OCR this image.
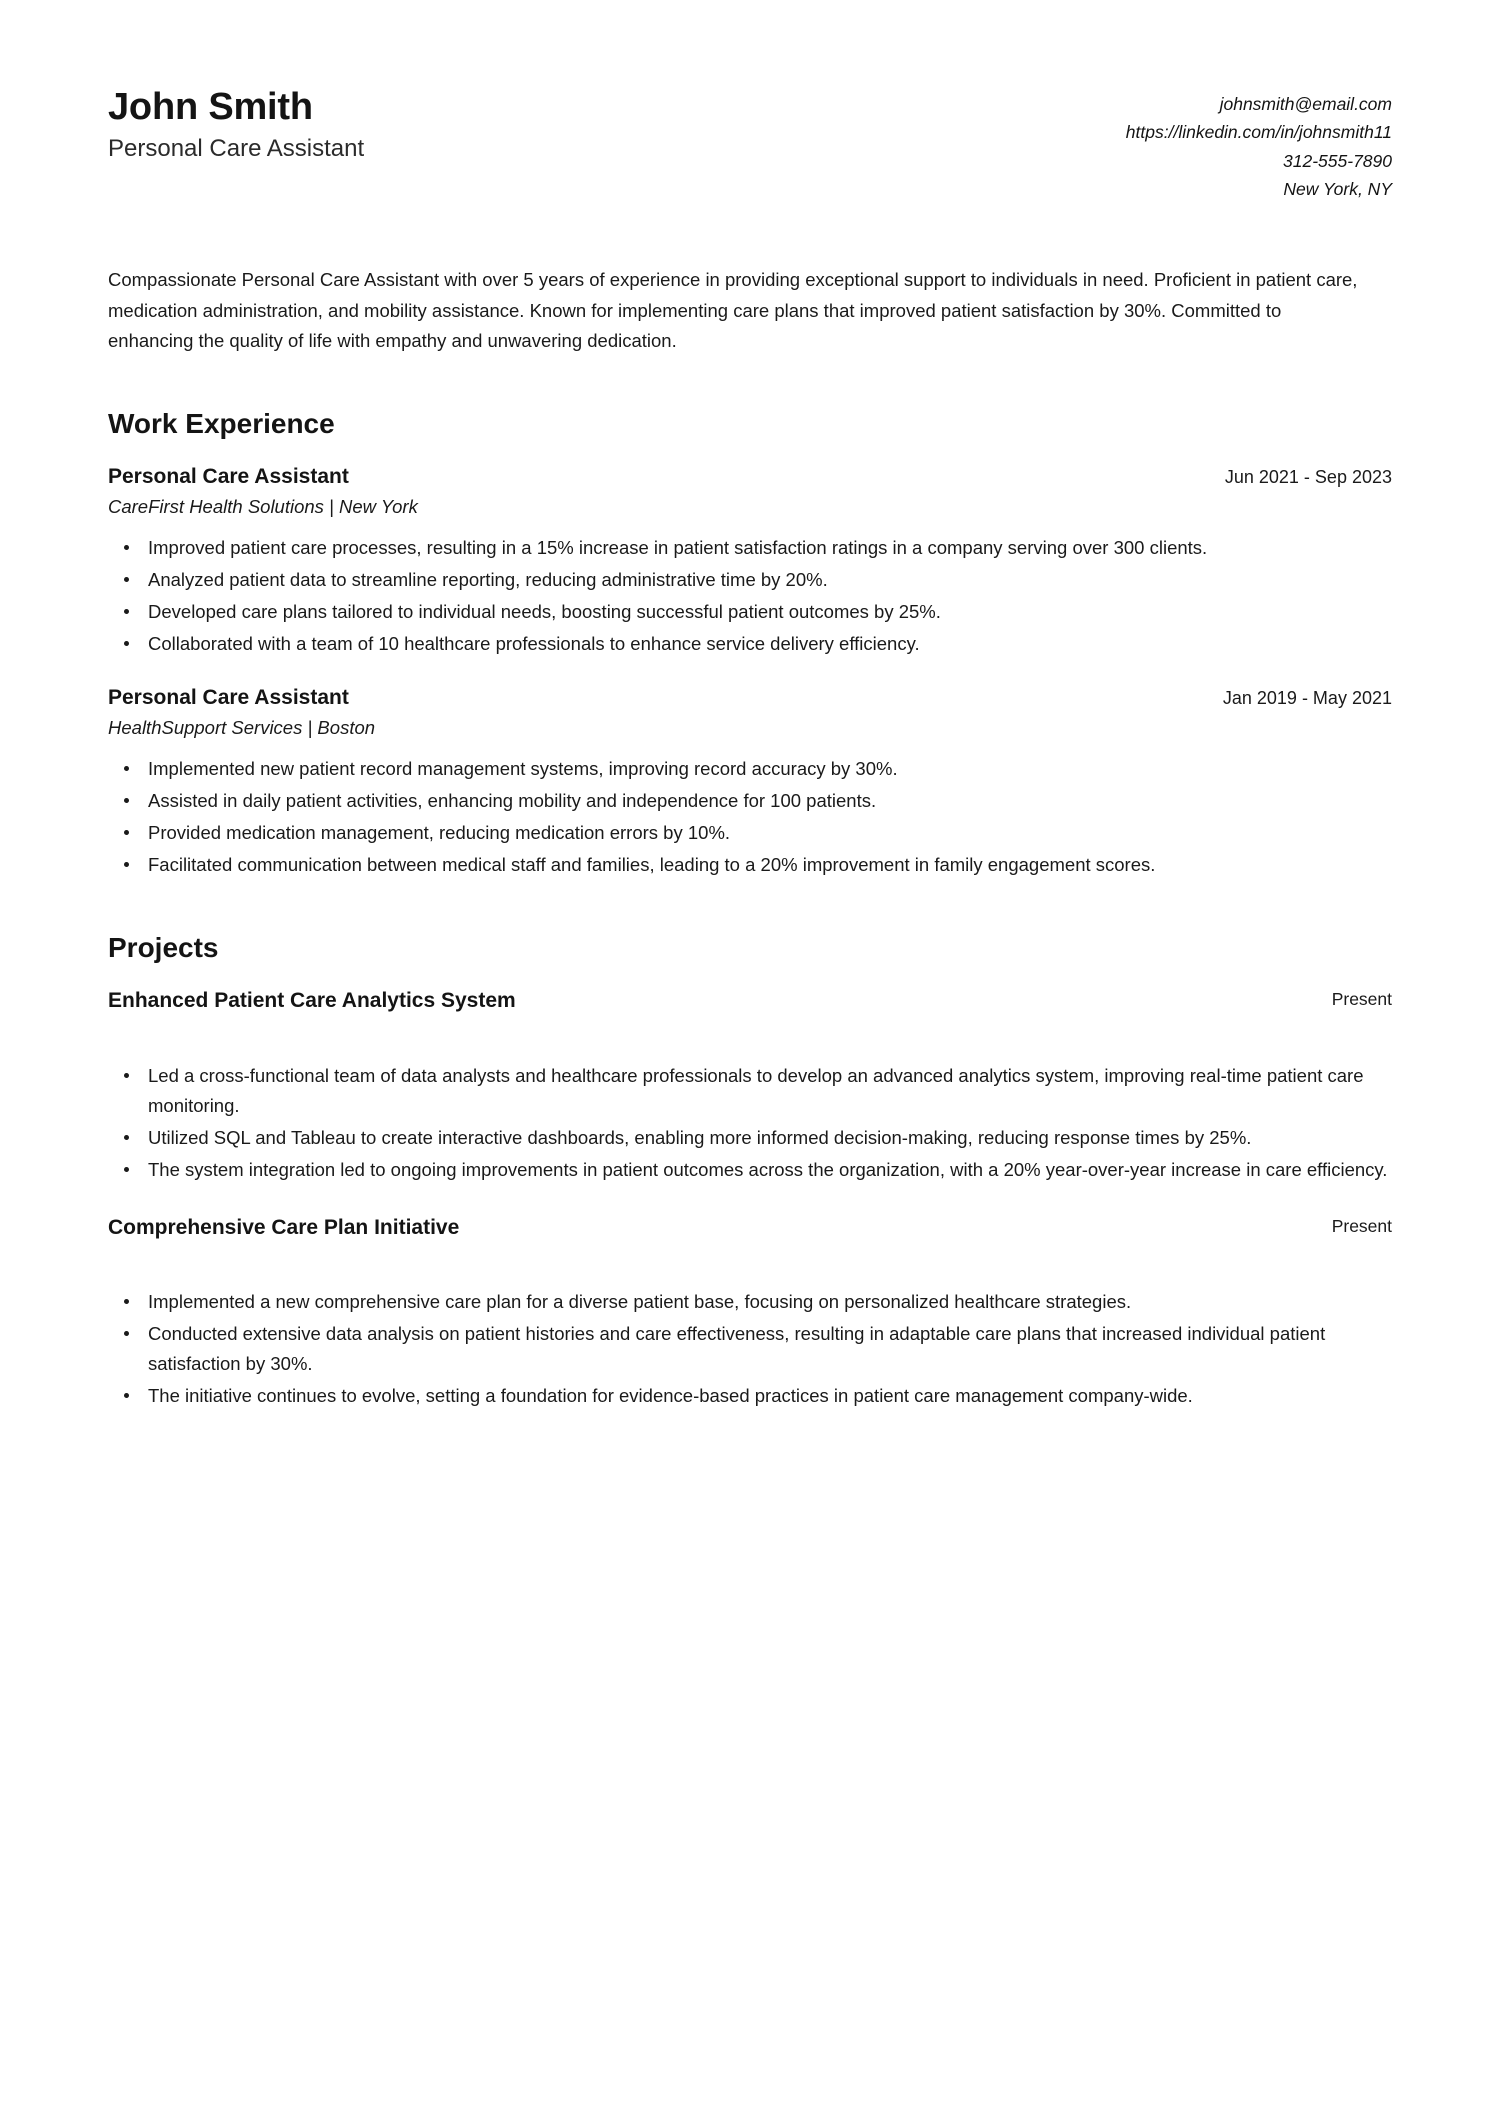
John Smith
Personal Care Assistant
johnsmith@email.com
https://linkedin.com/in/johnsmith11
312-555-7890
New York, NY
Compassionate Personal Care Assistant with over 5 years of experience in providing exceptional support to individuals in need. Proficient in patient care, medication administration, and mobility assistance. Known for implementing care plans that improved patient satisfaction by 30%. Committed to enhancing the quality of life with empathy and unwavering dedication.
Work Experience
Personal Care Assistant	Jun 2021 - Sep 2023
CareFirst Health Solutions | New York
Improved patient care processes, resulting in a 15% increase in patient satisfaction ratings in a company serving over 300 clients.
Analyzed patient data to streamline reporting, reducing administrative time by 20%.
Developed care plans tailored to individual needs, boosting successful patient outcomes by 25%.
Collaborated with a team of 10 healthcare professionals to enhance service delivery efficiency.
Personal Care Assistant	Jan 2019 - May 2021
HealthSupport Services | Boston
Implemented new patient record management systems, improving record accuracy by 30%.
Assisted in daily patient activities, enhancing mobility and independence for 100 patients.
Provided medication management, reducing medication errors by 10%.
Facilitated communication between medical staff and families, leading to a 20% improvement in family engagement scores.
Projects
Enhanced Patient Care Analytics System	Present
Led a cross-functional team of data analysts and healthcare professionals to develop an advanced analytics system, improving real-time patient care monitoring.
Utilized SQL and Tableau to create interactive dashboards, enabling more informed decision-making, reducing response times by 25%.
The system integration led to ongoing improvements in patient outcomes across the organization, with a 20% year-over-year increase in care efficiency.
Comprehensive Care Plan Initiative	Present
Implemented a new comprehensive care plan for a diverse patient base, focusing on personalized healthcare strategies.
Conducted extensive data analysis on patient histories and care effectiveness, resulting in adaptable care plans that increased individual patient satisfaction by 30%.
The initiative continues to evolve, setting a foundation for evidence-based practices in patient care management company-wide.
